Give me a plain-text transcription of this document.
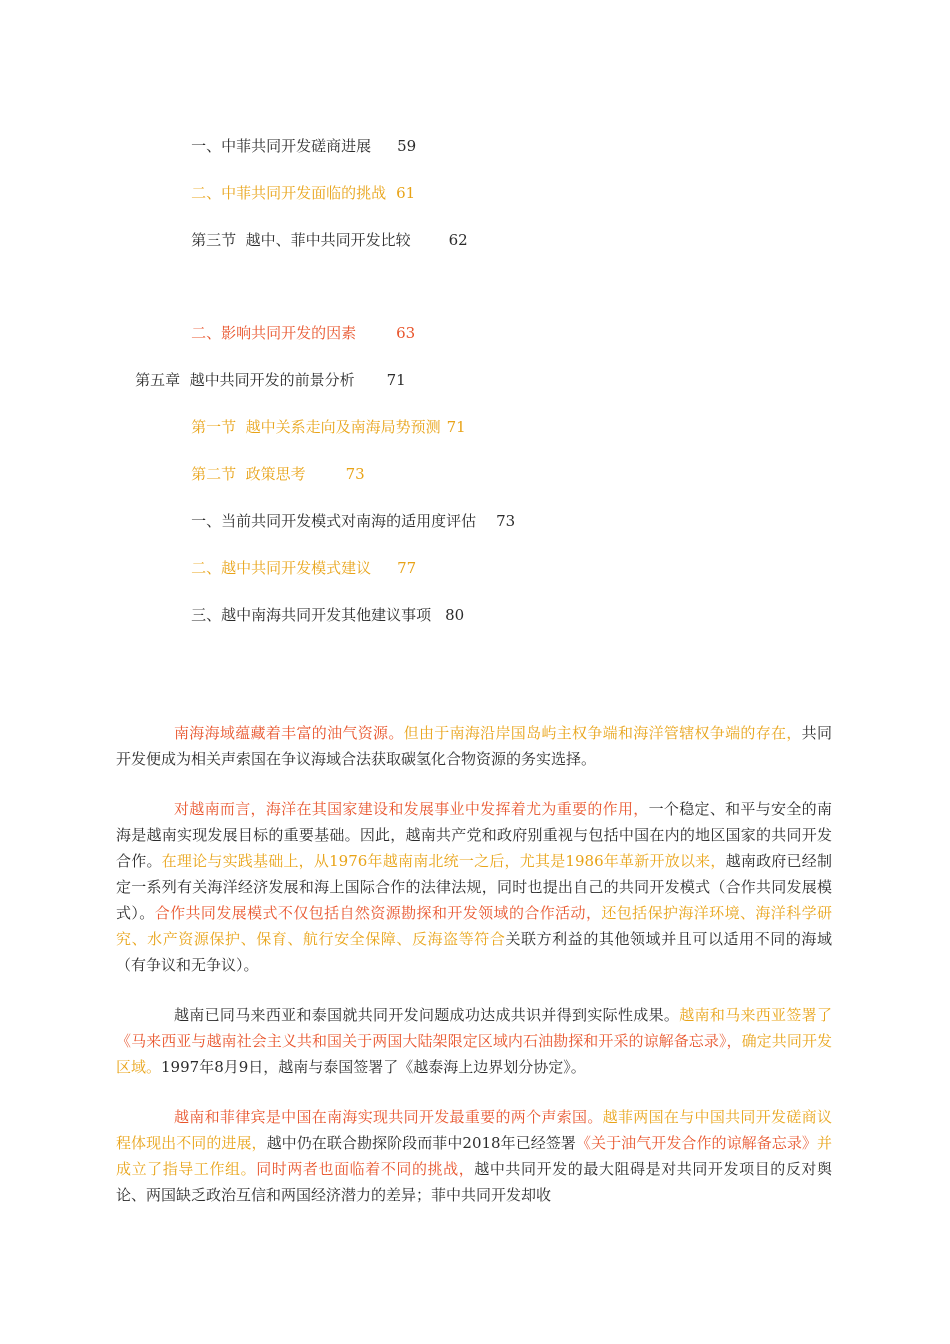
一、中菲共同开发磋商进展 59

二、中菲共同开发面临的挑战 61

第三节  越中、菲中共同开发比较	62

二、影响共同开发的因素	63

第五章  越中共同开发的前景分析 71

第一节  越中关系走向及南海局势预测 71

第二节  政策思考	73

一、当前共同开发模式对南海的适用度评估 73

二、越中共同开发模式建议 77

三、越中南海共同开发其他建议事项 80

南海海域蕴藏着丰富的油气资源。但由于南海沿岸国岛屿主权争端和海洋管辖权争端的存在，共同开发便成为相关声索国在争议海域合法获取碳氢化合物资源的务实选择。

对越南而言，海洋在其国家建设和发展事业中发挥着尤为重要的作用，一个稳定、和平与安全的南海是越南实现发展目标的重要基础。因此，越南共产党和政府别重视与包括中国在内的地区国家的共同开发合作。在理论与实践基础上，从1976年越南南北统一之后，尤其是1986年革新开放以来，越南政府已经制定一系列有关海洋经济发展和海上国际合作的法律法规，同时也提出自己的共同开发模式（合作共同发展模式）。合作共同发展模式不仅包括自然资源勘探和开发领域的合作活动，还包括保护海洋环境、海洋科学研究、水产资源保护、保育、航行安全保障、反海盗等符合关联方利益的其他领域并且可以适用不同的海域（有争议和无争议）。

越南已同马来西亚和泰国就共同开发问题成功达成共识并得到实际性成果。越南和马来西亚签署了《马来西亚与越南社会主义共和国关于两国大陆架限定区域内石油勘探和开采的谅解备忘录》，确定共同开发区域。1997年8月9日，越南与泰国签署了《越泰海上边界划分协定》。

越南和菲律宾是中国在南海实现共同开发最重要的两个声索国。越菲两国在与中国共同开发磋商议程体现出不同的进展，越中仍在联合勘探阶段而菲中2018年已经签署《关于油气开发合作的谅解备忘录》并成立了指导工作组。同时两者也面临着不同的挑战，越中共同开发的最大阻碍是对共同开发项目的反对舆论、两国缺乏政治互信和两国经济潜力的差异；菲中共同开发却收
